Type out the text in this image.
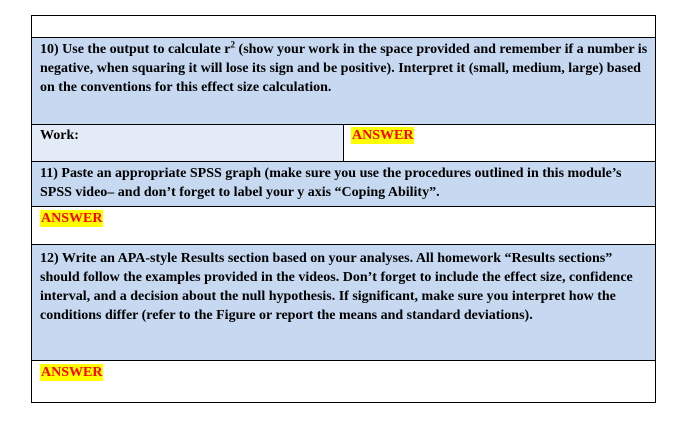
10) Use the output to calculate $r^2$ (show your work in the space provided and remember if a number is negative, when squaring it will lose its sign and be positive). Interpret it (small, medium, large) based on the conventions for this effect size calculation.

Work:	ANSWER

11) Paste an appropriate SPSS graph (make sure you use the procedures outlined in this module’s SPSS video– and don’t forget to label your y axis “Coping Ability”.

ANSWER

12) Write an APA-style Results section based on your analyses. All homework “Results sections” should follow the examples provided in the videos. Don’t forget to include the effect size, confidence interval, and a decision about the null hypothesis. If significant, make sure you interpret how the conditions differ (refer to the Figure or report the means and standard deviations).

ANSWER
